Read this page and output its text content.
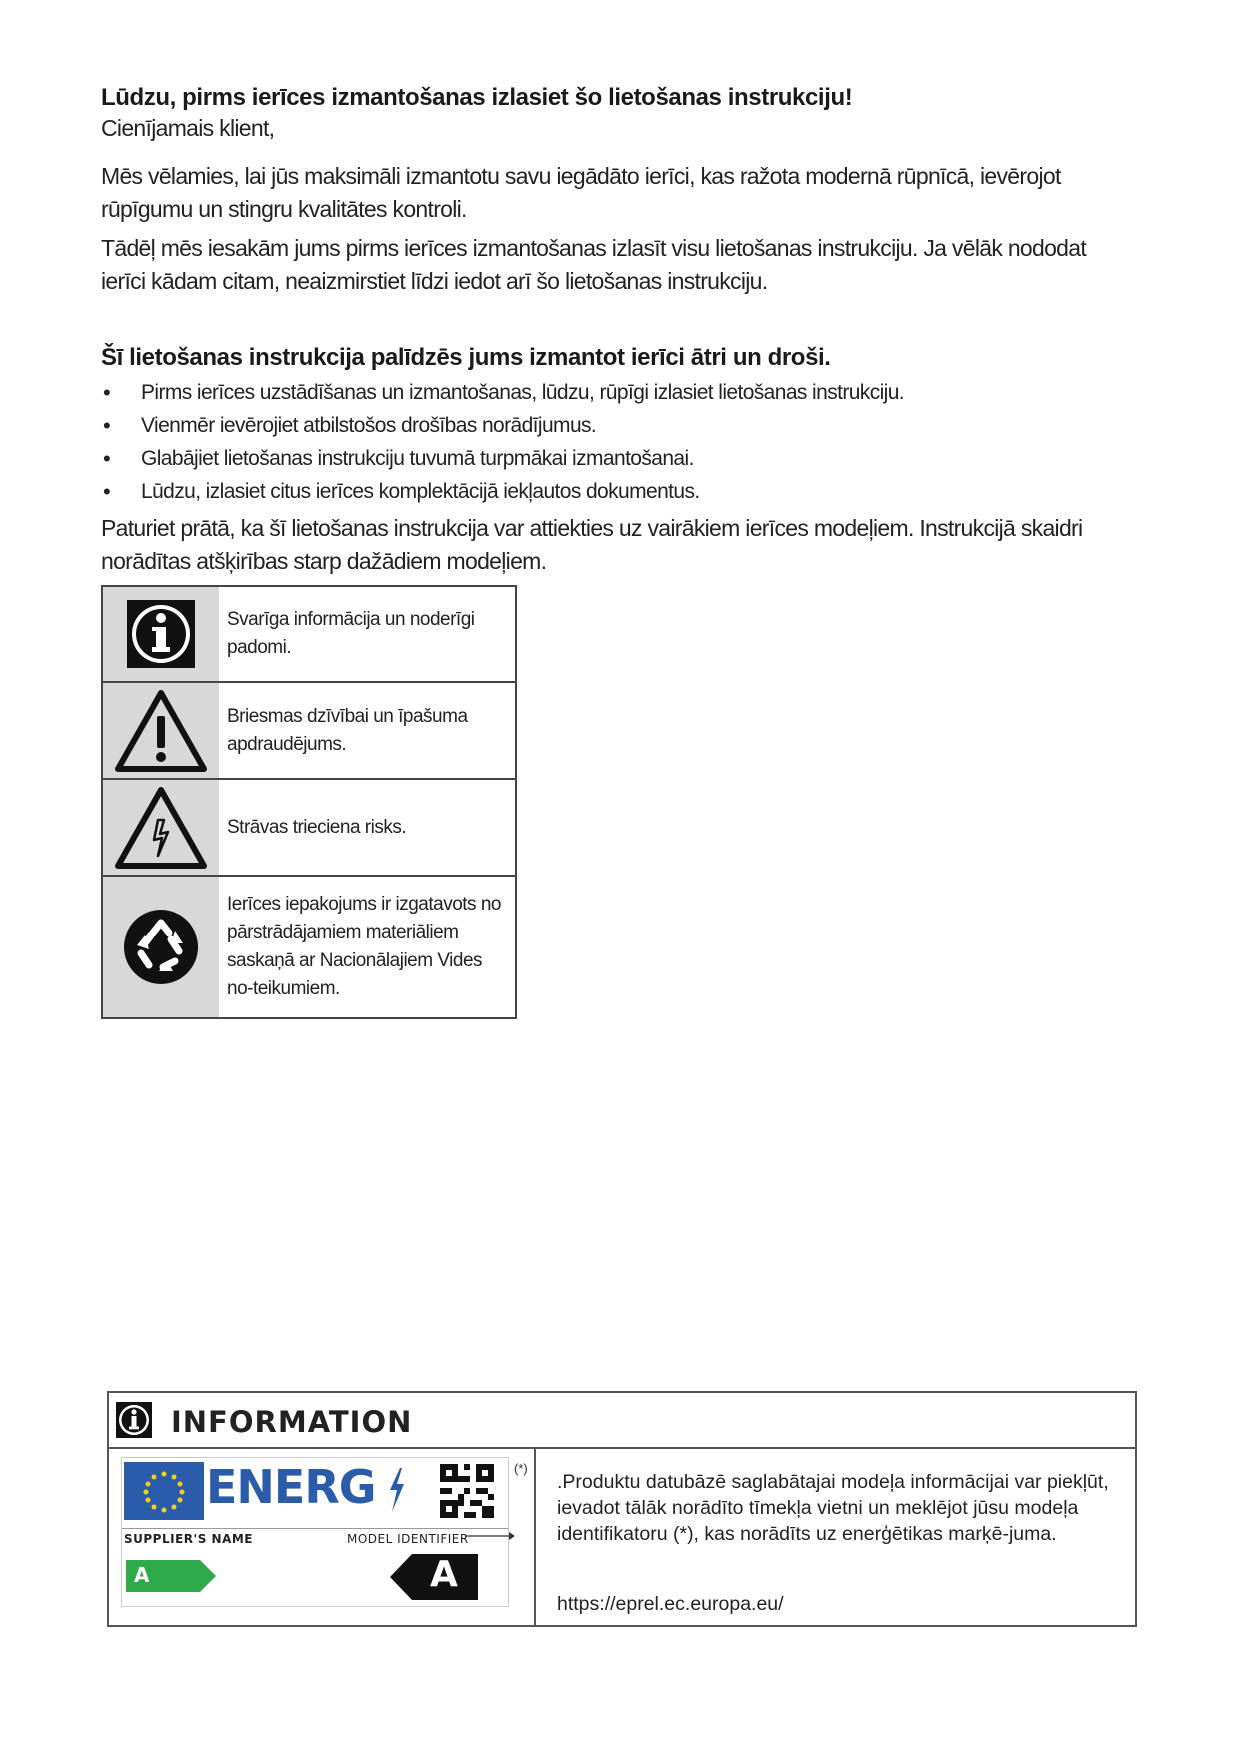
Lūdzu, pirms ierīces izmantošanas izlasiet šo lietošanas instrukciju!
Cienījamais klient,
Mēs vēlamies, lai jūs maksimāli izmantotu savu iegādāto ierīci, kas ražota modernā rūpnīcā, ievērojot rūpīgumu un stingru kvalitātes kontroli.
Tādēļ mēs iesakām jums pirms ierīces izmantošanas izlasīt visu lietošanas instrukciju. Ja vēlāk nododat ierīci kādam citam, neaizmirstiet līdzi iedot arī šo lietošanas instrukciju.
Šī lietošanas instrukcija palīdzēs jums izmantot ierīci ātri un droši.
• Pirms ierīces uzstādīšanas un izmantošanas, lūdzu, rūpīgi izlasiet lietošanas instrukciju.
• Vienmēr ievērojiet atbilstošos drošības norādījumus.
• Glabājiet lietošanas instrukciju tuvumā turpmākai izmantošanai.
• Lūdzu, izlasiet citus ierīces komplektācijā iekļautos dokumentus.
Paturiet prātā, ka šī lietošanas instrukcija var attiekties uz vairākiem ierīces modeļiem. Instrukcijā skaidri norādītas atšķirības starp dažādiem modeļiem.
Svarīga informācija un noderīgi padomi.
Briesmas dzīvībai un īpašuma apdraudējums.
Strāvas trieciena risks.
Ierīces iepakojums ir izgatavots no pārstrādājamiem materiāliem saskaņā ar Nacionālajiem Vides no-teikumiem.
INFORMATION
ENERG
SUPPLIER'S NAME	MODEL IDENTIFIER
A	A
(*)
.Produktu datubāzē saglabātajai modeļa informācijai var piekļūt, ievadot tālāk norādīto tīmekļa vietni un meklējot jūsu modeļa identifikatoru (*), kas norādīts uz enerģētikas marķē-juma.
https://eprel.ec.europa.eu/
